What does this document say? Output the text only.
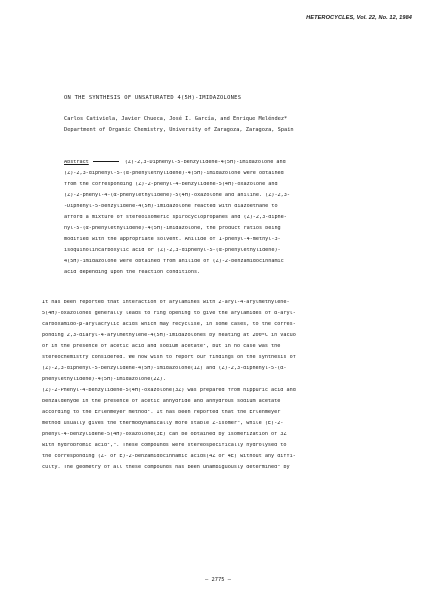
HETEROCYCLES, Vol. 22, No. 12, 1984
ON THE SYNTHESIS OF UNSATURATED 4(5H)-IMIDAZOLONES
Carlos Cativiela, Javier Chueca, José I. García, and Enrique Meléndez*
Department of Organic Chemistry, University of Zaragoza, Zaragoza, Spain
Abstract	(Z)-2,3-Diphenyl-5-benzylidene-4(5H)-imidazolone and
(Z)-2,3-diphenyl-5-(α-phenylethylidene)-4(5H)-imidazolone were obtained
from the corresponding (Z)-2-phenyl-4-benzylidene-5(4H)-oxazolone and
(Z)-2-phenyl-4-(α-phenylethylidene)-5(4H)-oxazolone and aniline. (Z)-2,3-
-Diphenyl-5-benzylidene-4(5H)-imidazolone reacted with diazoethane to
afford a mixture of stereoisomeric spirocyclopropanes and (Z)-2,3-diphe-
nyl-5-(α-phenylethylidene)-4(5H)-imidazolone, the product ratios being
modified with the appropriate solvent. Anilide of 1-phenyl-4-methyl-3-
isoquinolincarboxylic acid or (Z)-2,3-diphenyl-5-(α-phenylethylidene)-
4(5H)-imidazolone were obtained from anilide of (Z)-2-benzamidocinnamic
acid depending upon the reaction conditions.
It has been reported that interaction of arylamines with 2-aryl-4-arylmethylene-
5(4H)-oxazolones generally leads to ring opening to give the arylamides of α-aryl-
carboxamido-β-arylacrylic acids which may recyclise, in some cases, to the corres-
ponding 2,3-diaryl-4-arylmethylene-4(5H)-imidazolones by heating at 200ºC in vacuo
or in the presence of acetic acid and sodium acetate¹, but in no case was the
stereochemistry considered. We now wish to report our findings on the synthesis of
(Z)-2,3-diphenyl-5-benzylidene-4(5H)-imidazolone(1Z) and (Z)-2,3-diphenyl-5-(α-
phenylethylidene)-4(5H)-imidazolone(2Z).
(Z)-2-Phenyl-4-benzylidene-5(4H)-oxazolone(3Z) was prepared from hippuric acid and
benzaldehyde in the presence of acetic anhydride and anhydrous sodium acetate
according to the Erlenmeyer method². It has been reported that the Erlenmeyer
method usually gives the thermodynamically more stable Z-isomer³, while (E)-2-
phenyl-4-benzylidene-5(4H)-oxazolone(3E) can be obtained by isomerization of 3Z
with hydrobromic acid²,³. These compounds were stereospecifically hydrolysed to
the corresponding (Z- or E)-2-benzamidocinnamic acids(4Z or 4E) without any diffi-
culty. The geometry of all these compounds has been unambiguously determined⁴ by
— 2775 —
